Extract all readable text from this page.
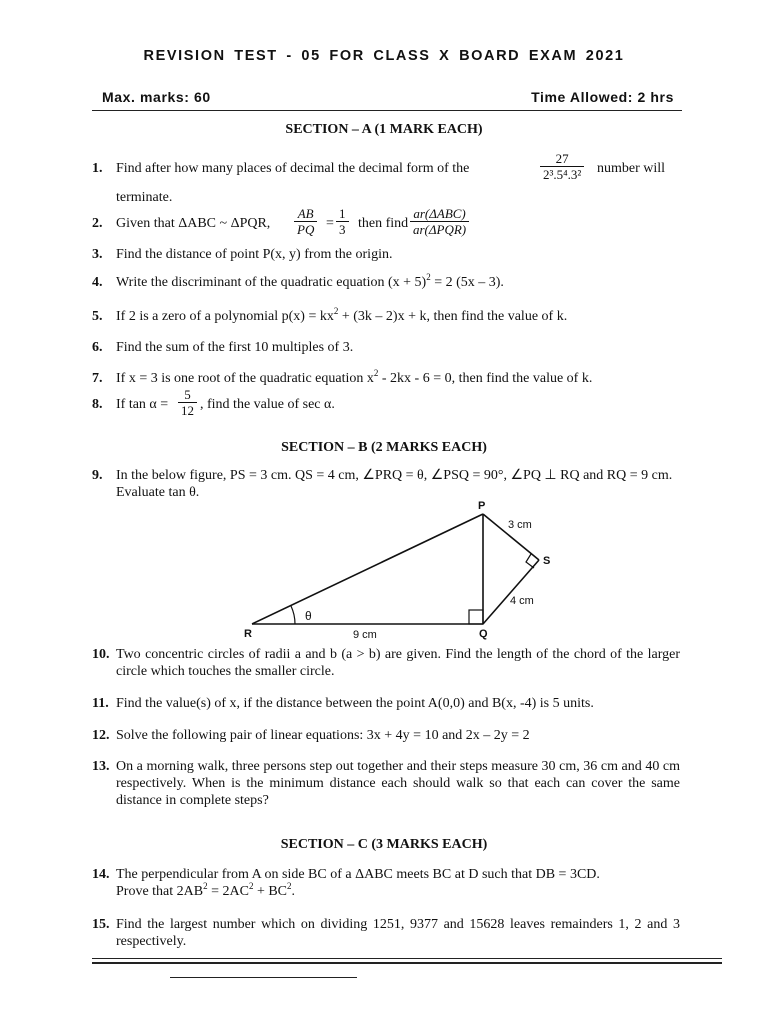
REVISION TEST - 05 FOR CLASS X BOARD EXAM 2021
Max. marks: 60	Time Allowed: 2 hrs
SECTION – A (1 MARK EACH)
1. Find after how many places of decimal the decimal form of the	$\frac{27}{\text{2³.5⁴.3²}}$ number will
terminate.
2. Given that ΔABC ~ ΔPQR, $\frac{AB}{PQ} = \frac{1}{3}$ then find
ar(ΔABC)
ar(ΔPQR)
3. Find the distance of point P(x, y) from the origin.
4. Write the discriminant of the quadratic equation $(x + 5)^2 = 2$ (5x – 3).
5. If 2 is a zero of a polynomial $p(x) = kx^2 + (3k - 2)x + k$, then find the value of k.
6. Find the sum of the first 10 multiples of 3.
7. If x = 3 is one root of the quadratic equation $x^2 - 2kx - 6 = 0$, then find the value of k.
8. If $\tan \alpha = \frac{5}{12}$ , find the value of sec α.
SECTION – B (2 MARKS EACH)
9. In the below figure, PS = 3 cm. QS = 4 cm, ∠PRQ = θ, ∠PSQ = 90°, ∠PQ ⊥ RQ and RQ = 9 cm. Evaluate tan θ.
P
Q
R
S
3 cm
4 cm
9 cm
θ
10. Two concentric circles of radii a and b (a > b) are given. Find the length of the chord of the larger circle which touches the smaller circle.
11. Find the value(s) of x, if the distance between the point A(0,0) and B(x, -4) is 5 units.
12. Solve the following pair of linear equations: 3x + 4y = 10 and 2x – 2y = 2
13. On a morning walk, three persons step out together and their steps measure 30 cm, 36 cm and 40 cm respectively. When is the minimum distance each should walk so that each can cover the same distance in complete steps?
SECTION – C (3 MARKS EACH)
14. The perpendicular from A on side BC of a ΔABC meets BC at D such that DB = 3CD.
Prove that $2AB^2 = 2AC^2 + BC^2$.
15. Find the largest number which on dividing 1251, 9377 and 15628 leaves remainders 1, 2 and 3 respectively.
